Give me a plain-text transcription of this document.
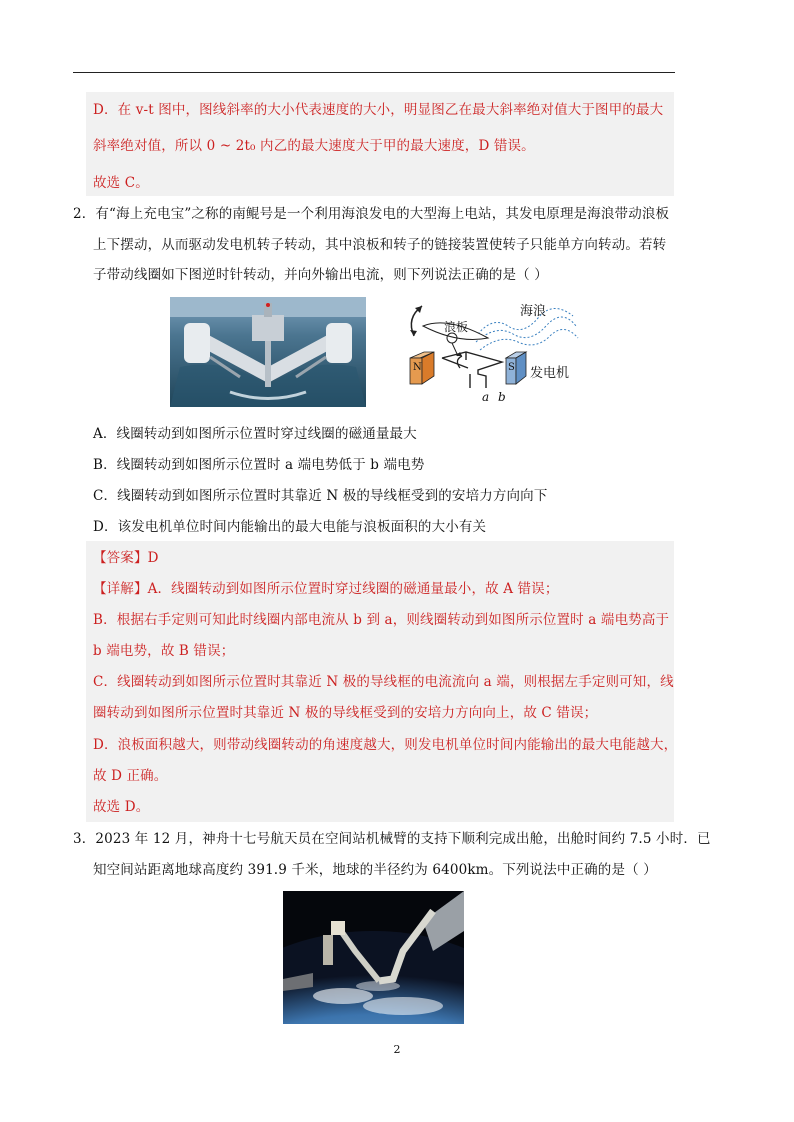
D．在 v-t 图中，图线斜率的大小代表速度的大小，明显图乙在最大斜率绝对值大于图甲的最大
斜率绝对值，所以 0 ~ 2t₀ 内乙的最大速度大于甲的最大速度，D 错误。
故选 C。
2．有“海上充电宝”之称的南鲲号是一个利用海浪发电的大型海上电站，其发电原理是海浪带动浪板
上下摆动，从而驱动发电机转子转动，其中浪板和转子的链接装置使转子只能单方向转动。若转
子带动线圈如下图逆时针转动，并向外输出电流，则下列说法正确的是（ ）
海浪
浪板
N	S 发电机
a b
A．线圈转动到如图所示位置时穿过线圈的磁通量最大
B．线圈转动到如图所示位置时 a 端电势低于 b 端电势
C．线圈转动到如图所示位置时其靠近 N 极的导线框受到的安培力方向向下
D．该发电机单位时间内能输出的最大电能与浪板面积的大小有关
【答案】D
【详解】A．线圈转动到如图所示位置时穿过线圈的磁通量最小，故 A 错误；
B．根据右手定则可知此时线圈内部电流从 b 到 a，则线圈转动到如图所示位置时 a 端电势高于
b 端电势，故 B 错误；
C．线圈转动到如图所示位置时其靠近 N 极的导线框的电流流向 a 端，则根据左手定则可知，线
圈转动到如图所示位置时其靠近 N 极的导线框受到的安培力方向向上，故 C 错误；
D．浪板面积越大，则带动线圈转动的角速度越大，则发电机单位时间内能输出的最大电能越大，
故 D 正确。
故选 D。
3．2023 年 12 月，神舟十七号航天员在空间站机械臂的支持下顺利完成出舱，出舱时间约 7.5 小时．已
知空间站距离地球高度约 391.9 千米，地球的半径约为 6400km。下列说法中正确的是（ ）
2
